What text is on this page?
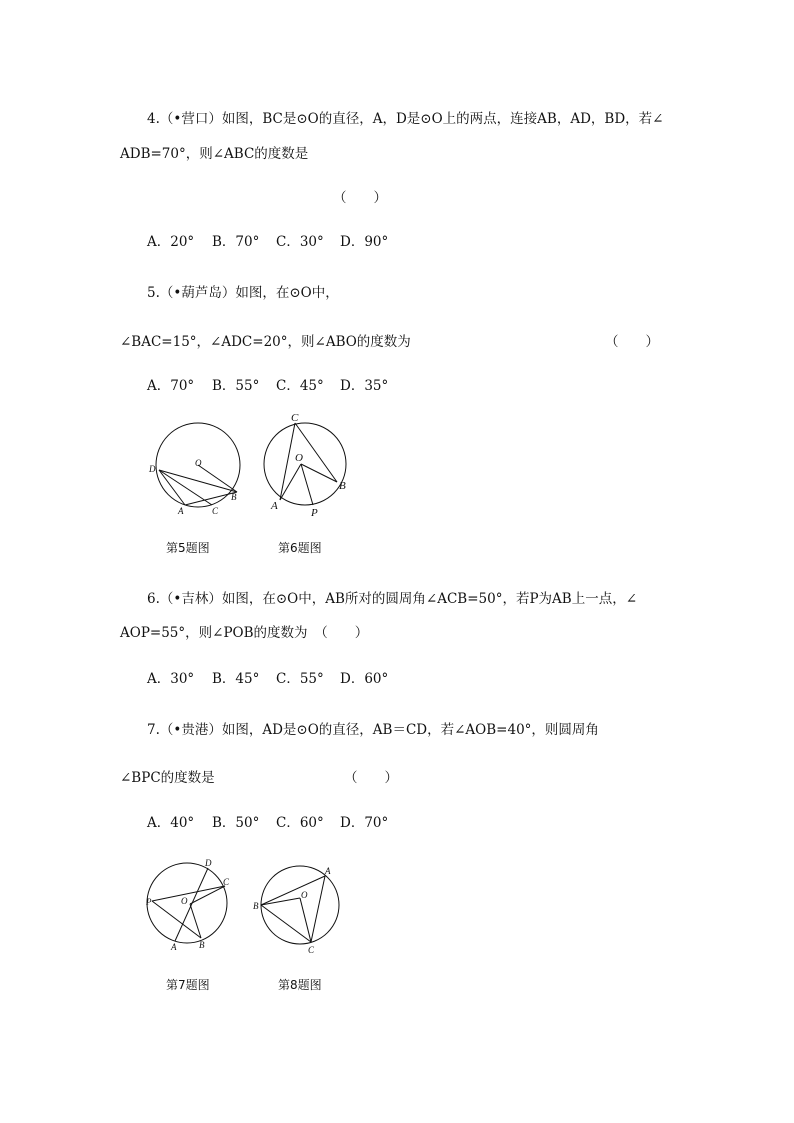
4.（•营口）如图，BC是⊙O的直径，A，D是⊙O上的两点，连接AB，AD，BD，若∠
ADB=70°，则∠ABC的度数是
（　　）
A．20° B．70° C．30° D．90°
5.（•葫芦岛）如图，在⊙O中，
∠BAC=15°，∠ADC=20°，则∠ABO的度数为	（　　）
A．70° B．55° C．45° D．35°
D
O
B
A	C
C
O
A
P
B
第5题图	第6题图
6.（•吉林）如图，在⊙O中，AB所对的圆周角∠ACB=50°，若P为AB上一点，∠
AOP=55°，则∠POB的度数为　（　　）
A．30° B．45° C．55° D．60°
7.（•贵港）如图，AD是⊙O的直径，AB＝CD，若∠AOB=40°，则圆周角
∠BPC的度数是	（　　）
A．40° B．50° C．60° D．70°
D
C
P	O
A	B
A
B
O
C
第7题图	第8题图
